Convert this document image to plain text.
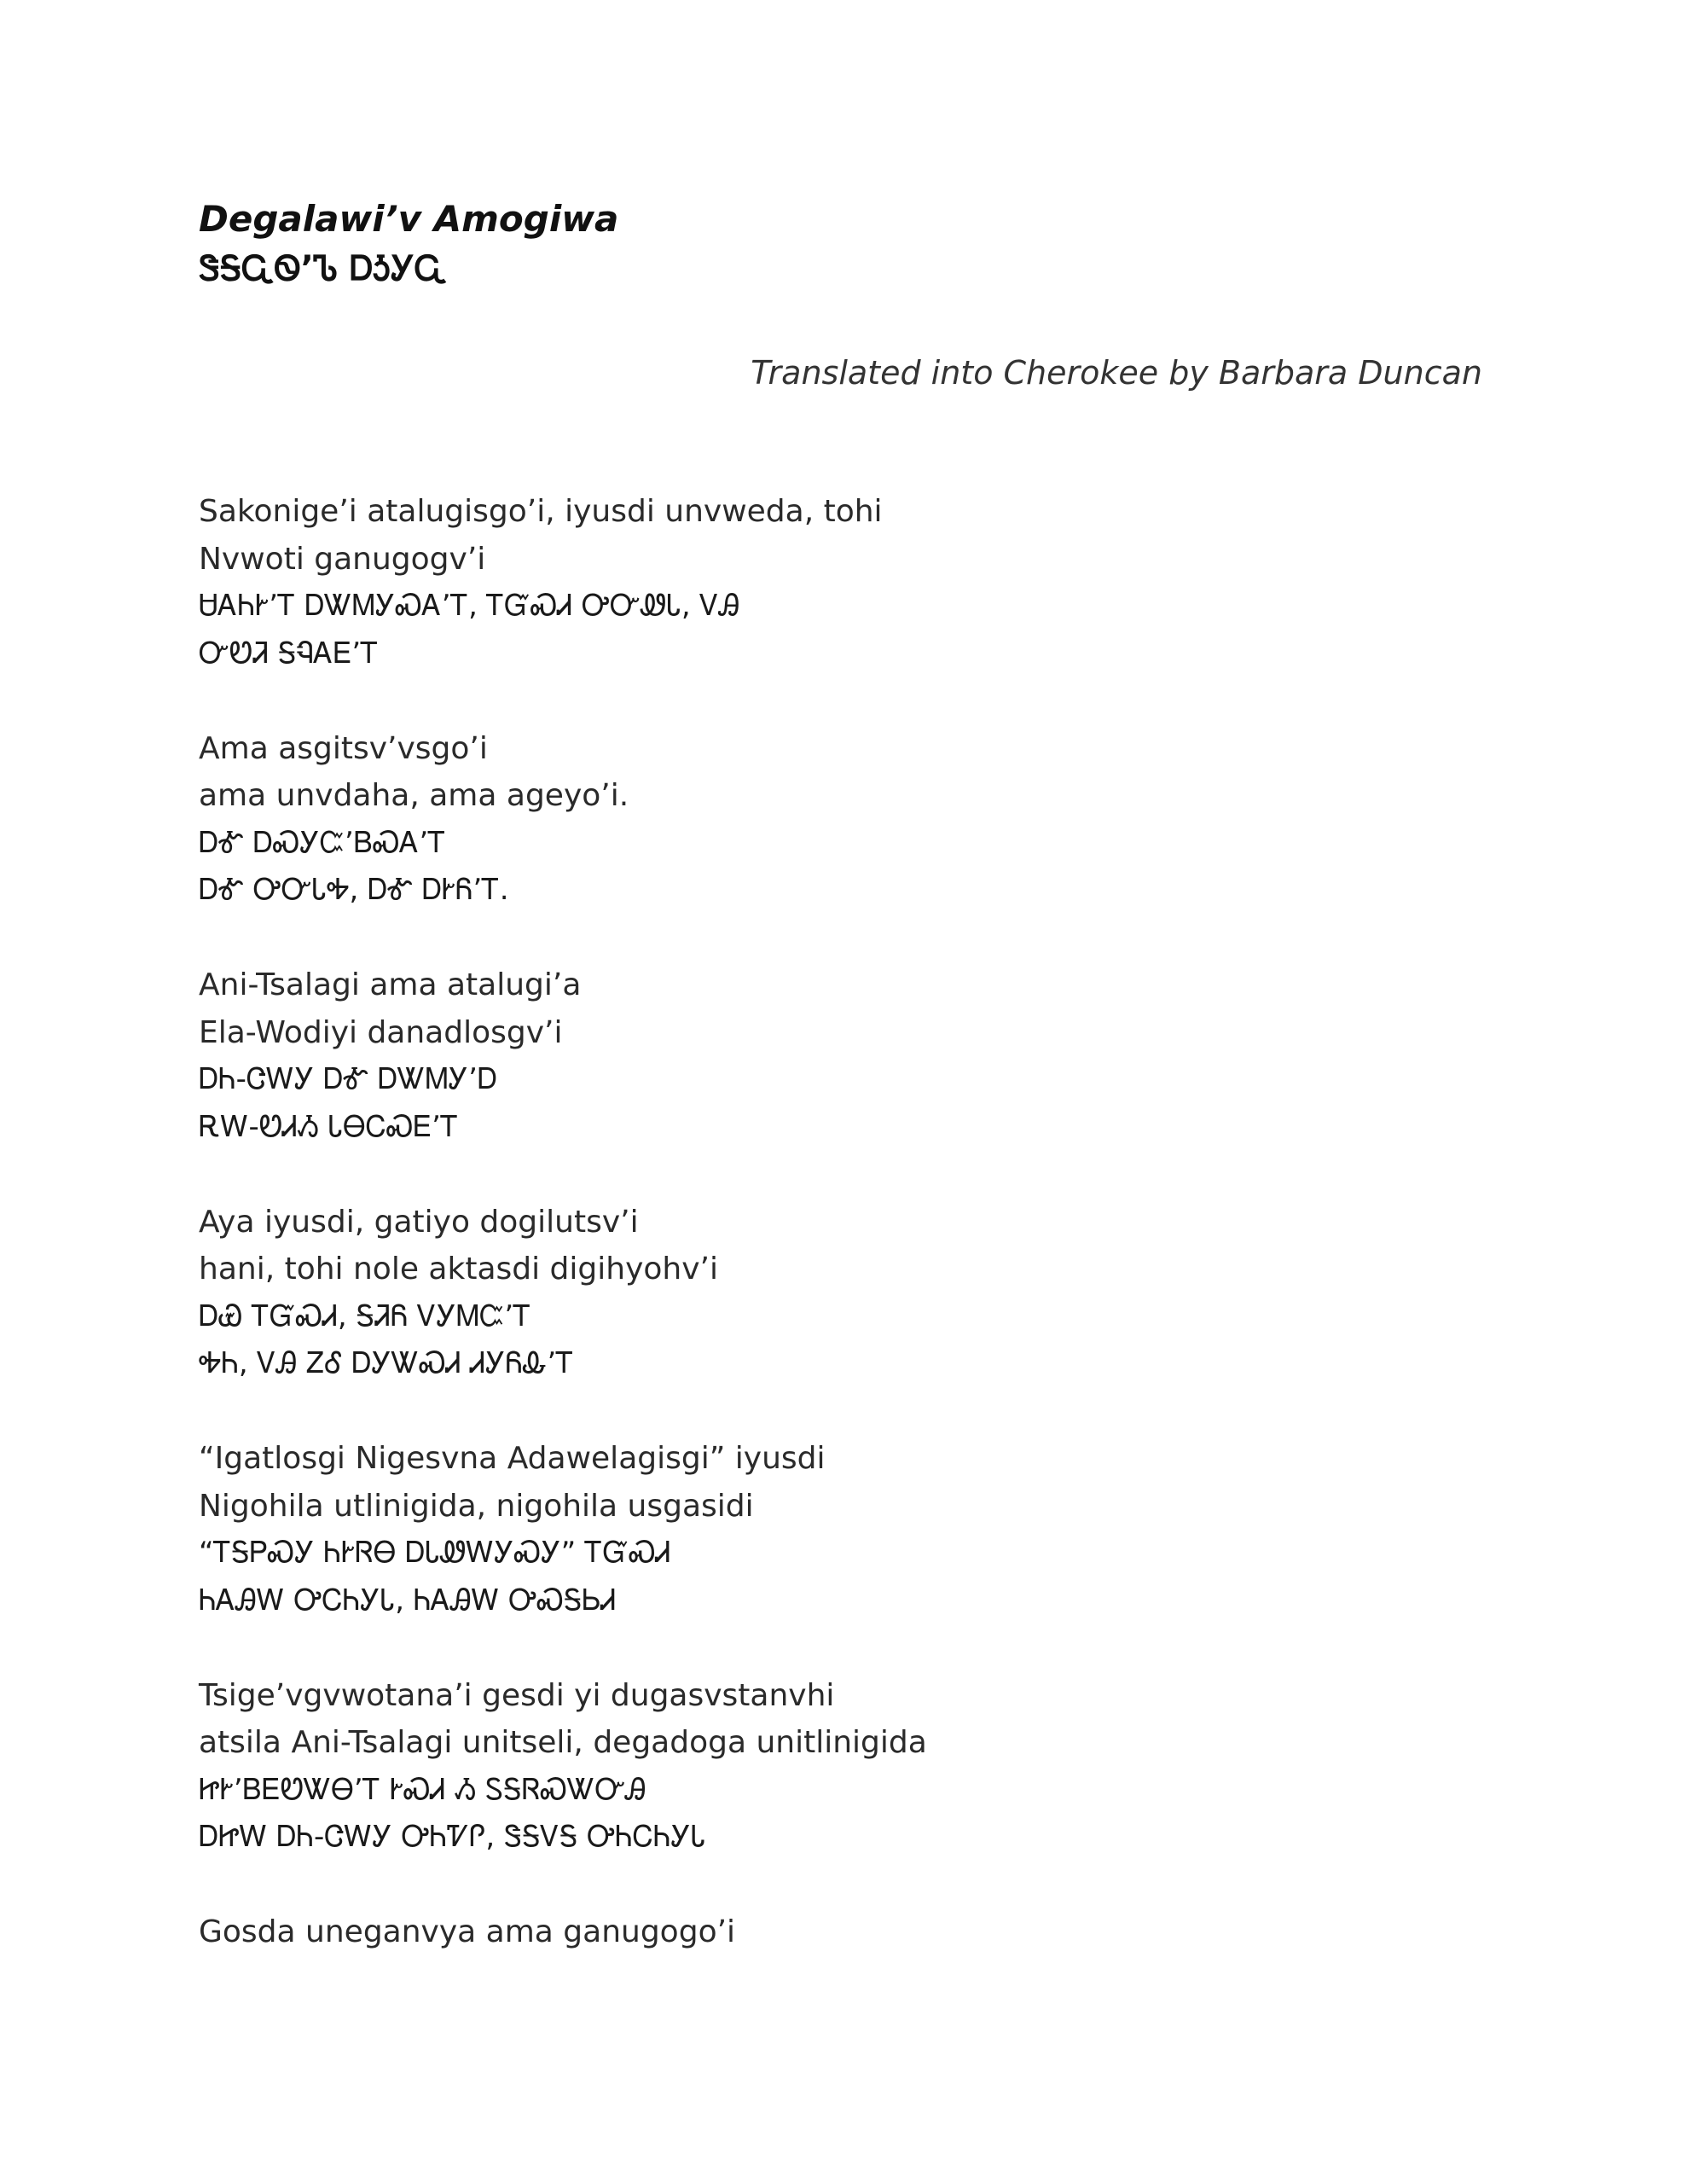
Degalawi’v Amogiwa
ᏕᎦᏩᏫ’Ꮦ ᎠᎼᎩᏩ
Translated into Cherokee by Barbara Duncan
Sakonige’i atalugisgo’i, iyusdi unvweda, tohi
Nvwoti ganugogv’i
ᏌᎪᏂᎨ’Ꭲ ᎠᏔᎷᎩᏍᎪ’Ꭲ, ᎢᏳᏍᏗ ᎤᏅᏪᏓ, ᏙᎯ
ᏅᏬᏘ ᎦᏄᎪᎬ’Ꭲ
Ama asgitsv’vsgo’i
ama unvdaha, ama ageyo’i.
ᎠᎹ ᎠᏍᎩᏨ’ᏴᏍᎪ’Ꭲ
ᎠᎹ ᎤᏅᏓᎭ, ᎠᎹ ᎠᎨᏲ’Ꭲ.
Ani-Tsalagi ama atalugi’a
Ela-Wodiyi danadlosgv’i
ᎠᏂ-ᏣᎳᎩ ᎠᎹ ᎠᏔᎷᎩ’Ꭰ
ᎡᎳ-ᏬᏗᏱ ᏓᎾᏟᏍᎬ’Ꭲ
Aya iyusdi, gatiyo dogilutsv’i
hani, tohi nole aktasdi digihyohv’i
ᎠᏯ ᎢᏳᏍᏗ, ᎦᏘᏲ ᏙᎩᎷᏨ’Ꭲ
ᎭᏂ, ᏙᎯ ᏃᎴ ᎠᎩᏔᏍᏗ ᏗᎩᏲᎲ’Ꭲ
“Igatlosgi Nigesvna Adawelagisgi” iyusdi
Nigohila utlinigida, nigohila usgasidi
“ᎢᎦᏢᏍᎩ ᏂᎨᏒᎾ ᎠᏓᏪᎳᎩᏍᎩ” ᎢᏳᏍᏗ
ᏂᎪᎯᎳ ᎤᏟᏂᎩᏓ, ᏂᎪᎯᎳ ᎤᏍᎦᏏᏗ
Tsige’vgvwotana’i gesdi yi dugasvstanvhi
atsila Ani-Tsalagi unitseli, degadoga unitlinigida
ᏥᎨ’ᏴᎬᏬᏔᎾ’Ꭲ ᎨᏍᏗ Ᏹ ᏚᎦᏒᏍᏔᏅᎯ
ᎠᏥᎳ ᎠᏂ-ᏣᎳᎩ ᎤᏂᏤᎵ, ᏕᎦᏙᎦ ᎤᏂᏟᏂᎩᏓ
Gosda uneganvya ama ganugogo’i
